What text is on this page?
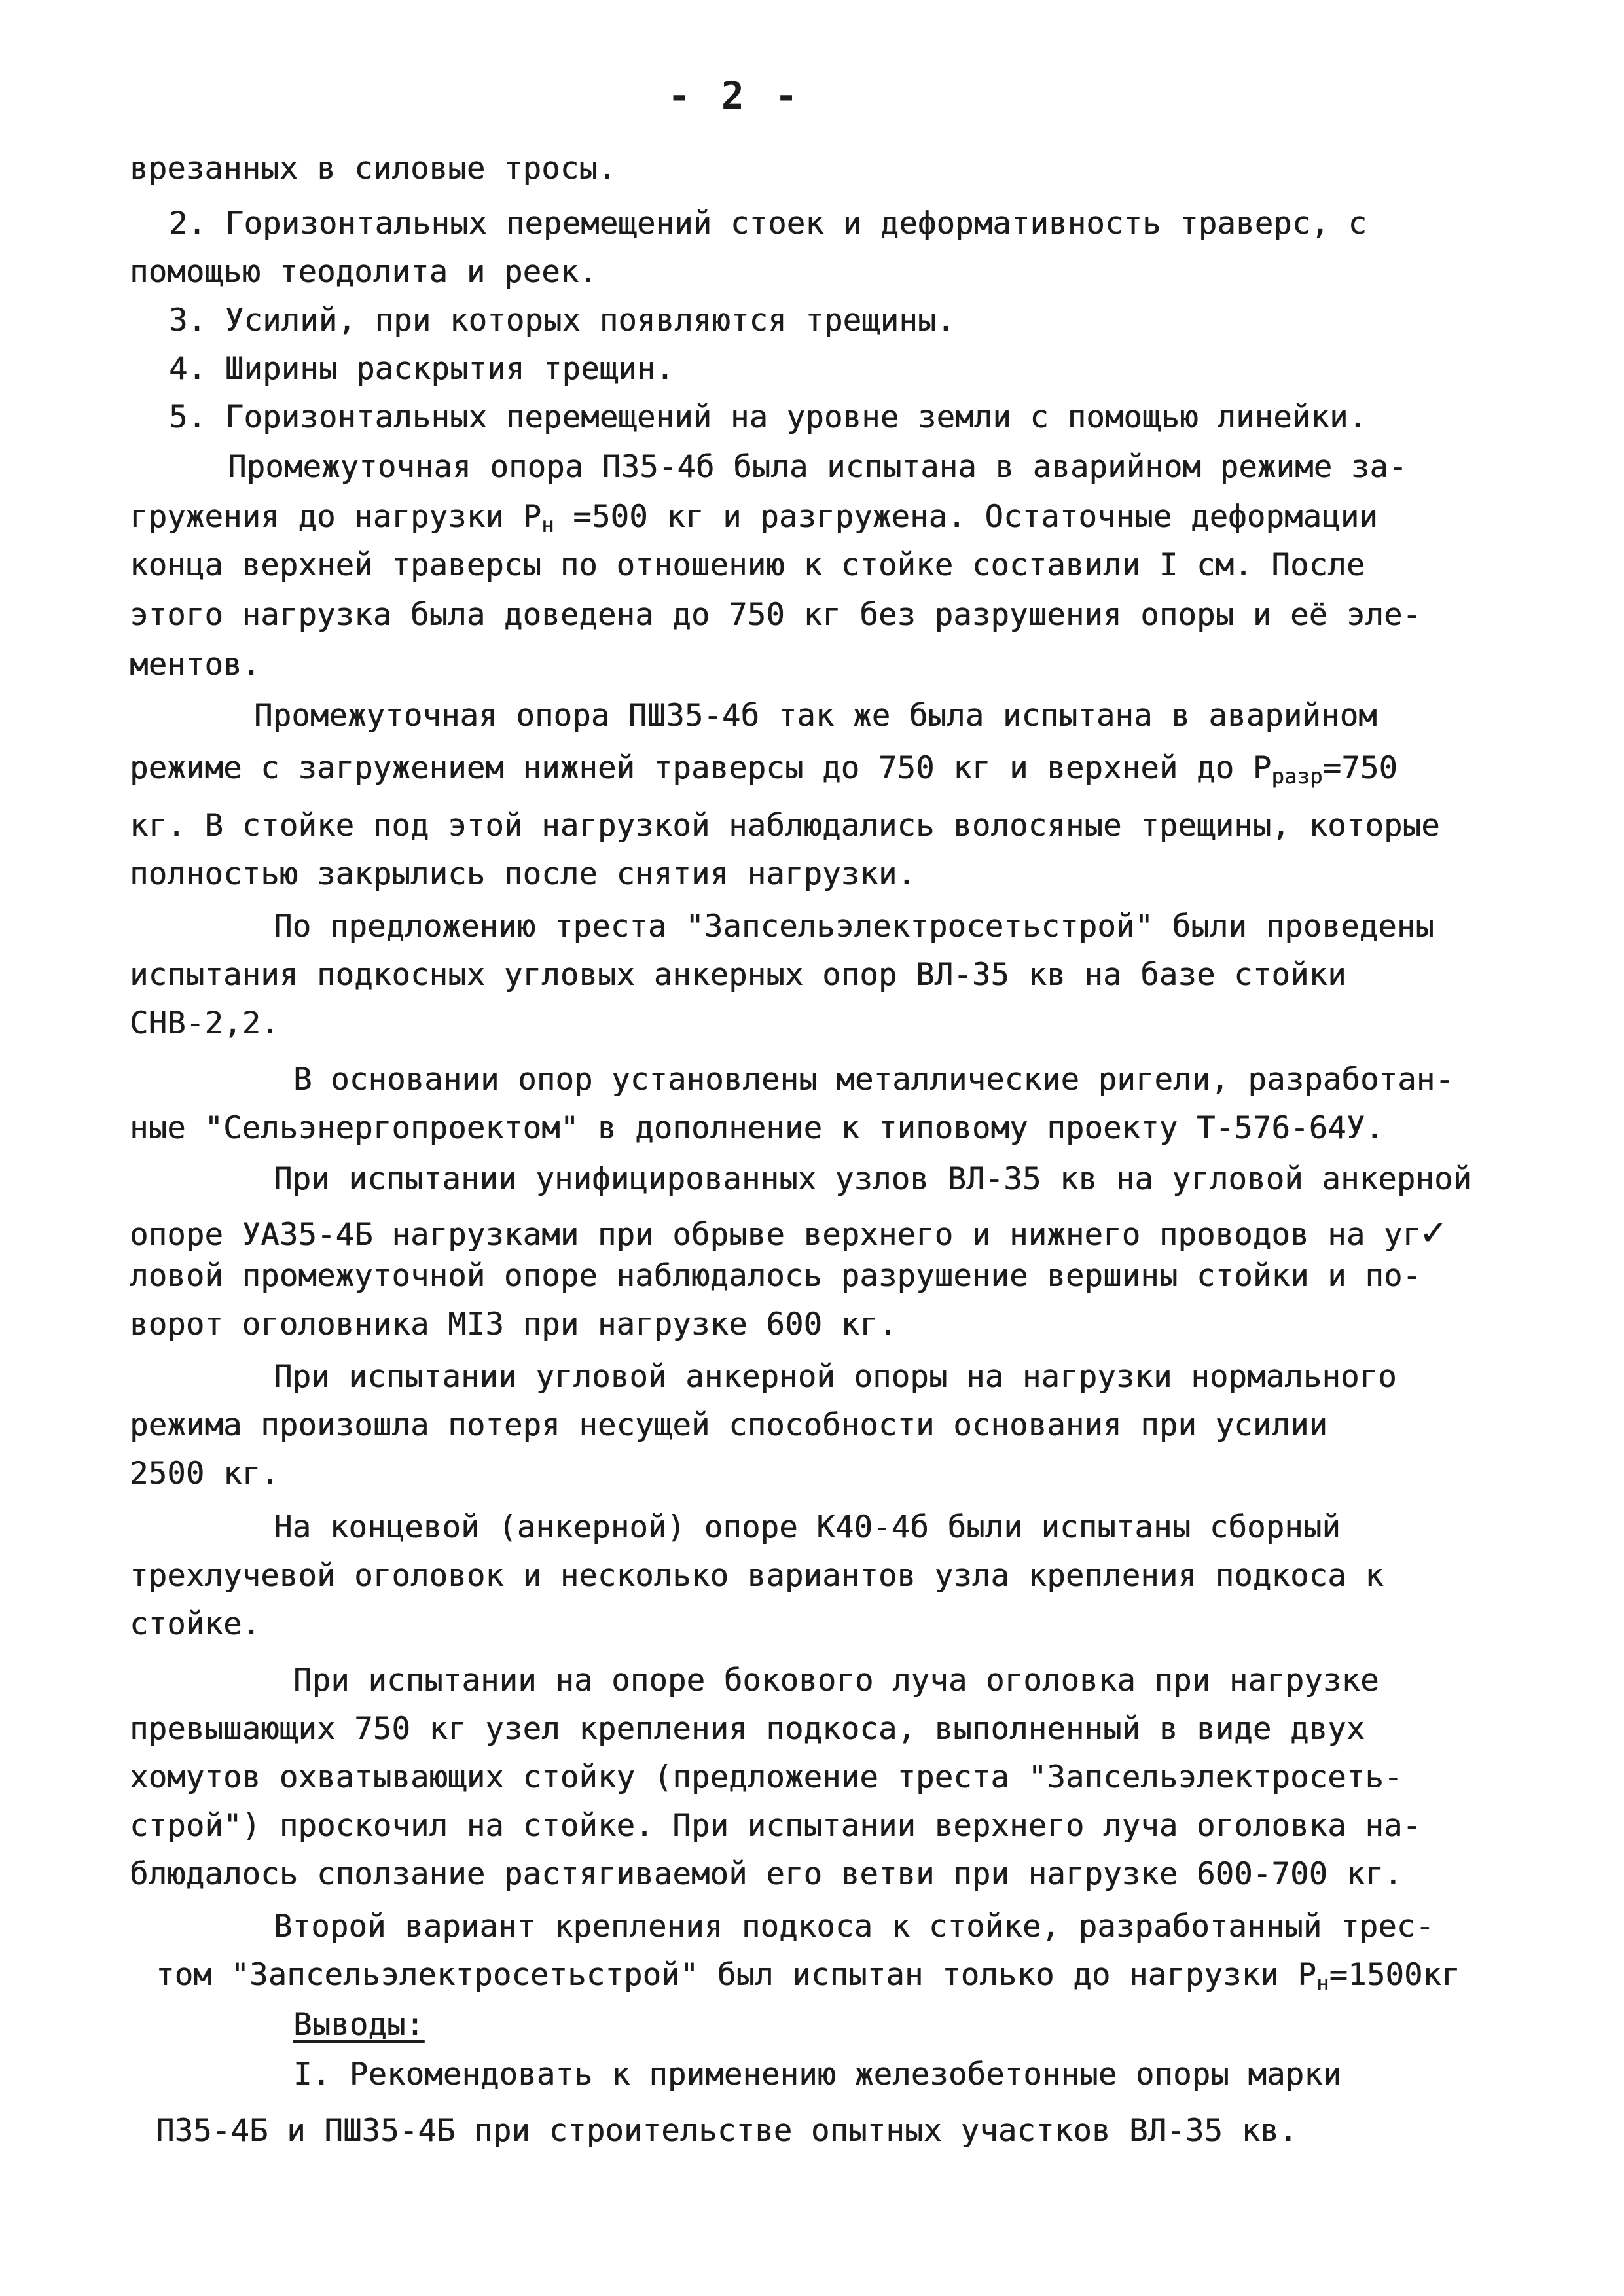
- 2 -
врезанных в силовые тросы.
2. Горизонтальных перемещений стоек и деформативность траверс, с
помощью теодолита и реек.
3. Усилий, при которых появляются трещины.
4. Ширины раскрытия трещин.
5. Горизонтальных перемещений на уровне земли с помощью линейки.
Промежуточная опора П35-4б была испытана в аварийном режиме за-
гружения до нагрузки $Р_н =500$ кг и разгружена. Остаточные деформации
конца верхней траверсы по отношению к стойке составили I см. После
этого нагрузка была доведена до 750 кг без разрушения опоры и её эле-
ментов.
Промежуточная опора ПШ35-4б так же была испытана в аварийном
режиме с загружением нижней траверсы до 750 кг и верхней до $Р_{разр}=750$
кг. В стойке под этой нагрузкой наблюдались волосяные трещины, которые
полностью закрылись после снятия нагрузки.
По предложению треста "Запсельэлектросетьстрой" были проведены
испытания подкосных угловых анкерных опор ВЛ-35 кв на базе стойки
СНВ-2,2.
В основании опор установлены металлические ригели, разработан-
ные "Сельэнергопроектом" в дополнение к типовому проекту Т-576-64У.
При испытании унифицированных узлов ВЛ-35 кв на угловой анкерной
опоре УА35-4Б нагрузками при обрыве верхнего и нижнего проводов на уг✓
ловой промежуточной опоре наблюдалось разрушение вершины стойки и по-
ворот оголовника МI3 при нагрузке 600 кг.
При испытании угловой анкерной опоры на нагрузки нормального
режима произошла потеря несущей способности основания при усилии
2500 кг.
На концевой (анкерной) опоре К40-4б были испытаны сборный
трехлучевой оголовок и несколько вариантов узла крепления подкоса к
стойке.
При испытании на опоре бокового луча оголовка при нагрузке
превышающих 750 кг узел крепления подкоса, выполненный в виде двух
хомутов охватывающих стойку (предложение треста "Запсельэлектросеть-
строй") проскочил на стойке. При испытании верхнего луча оголовка на-
блюдалось сползание растягиваемой его ветви при нагрузке 600-700 кг.
Второй вариант крепления подкоса к стойке, разработанный трес-
том "Запсельэлектросетьстрой" был испытан только до нагрузки $Р_н=1500кг$
Выводы:
I. Рекомендовать к применению железобетонные опоры марки
П35-4Б и ПШ35-4Б при строительстве опытных участков ВЛ-35 кв.
